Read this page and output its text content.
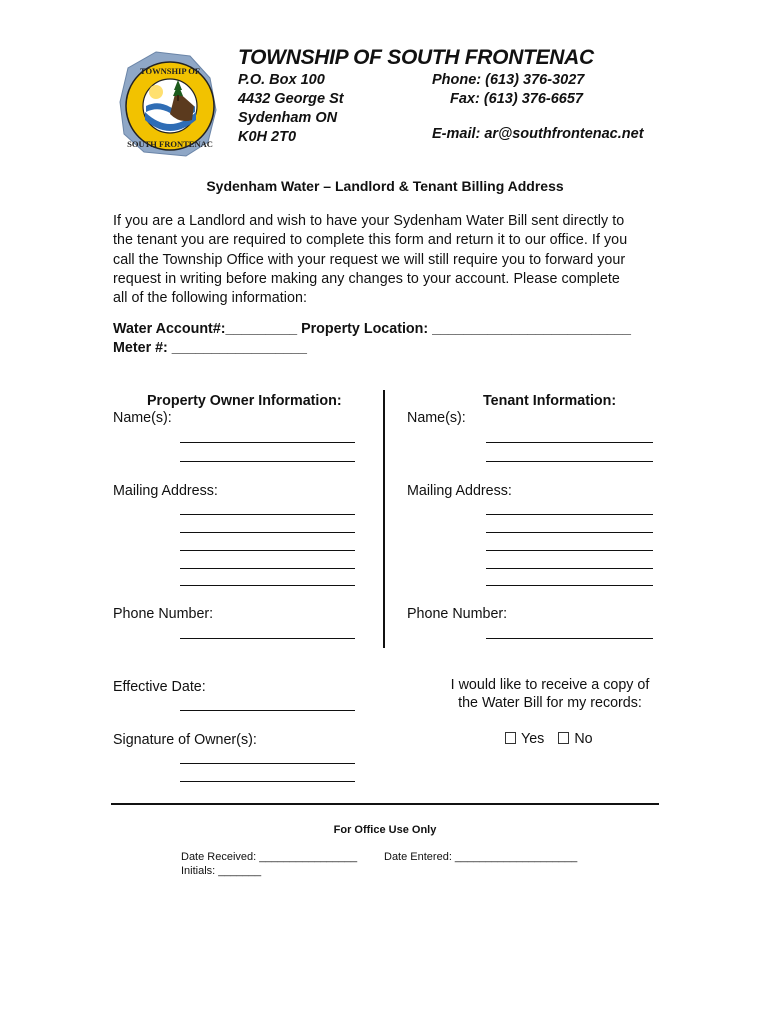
TOWNSHIP OF
SOUTH FRONTENAC
TOWNSHIP OF SOUTH FRONTENAC
P.O. Box 100
4432 George St
Sydenham ON
K0H 2T0
Phone: (613) 376-3027
Fax: (613) 376-6657
E-mail: ar@southfrontenac.net
Sydenham Water – Landlord & Tenant Billing Address

If you are a Landlord and wish to have your Sydenham Water Bill sent directly to

the tenant you are required to complete this form and return it to our office. If you

call the Township Office with your request we will still require you to forward your

request in writing before making any changes to your account. Please complete

all of the following information:

Water Account#:_________ Property Location: _________________________
Meter #: _________________
Property Owner Information:	Tenant Information:
Name(s):
Mailing Address:
Phone Number:
Name(s):
Mailing Address:
Phone Number:
Effective Date:	I would like to receive a copy of
the Water Bill for my records:
Yes No
Signature of Owner(s):
For Office Use Only
Date Received: ________________ Date Entered: ____________________
Initials: _______
